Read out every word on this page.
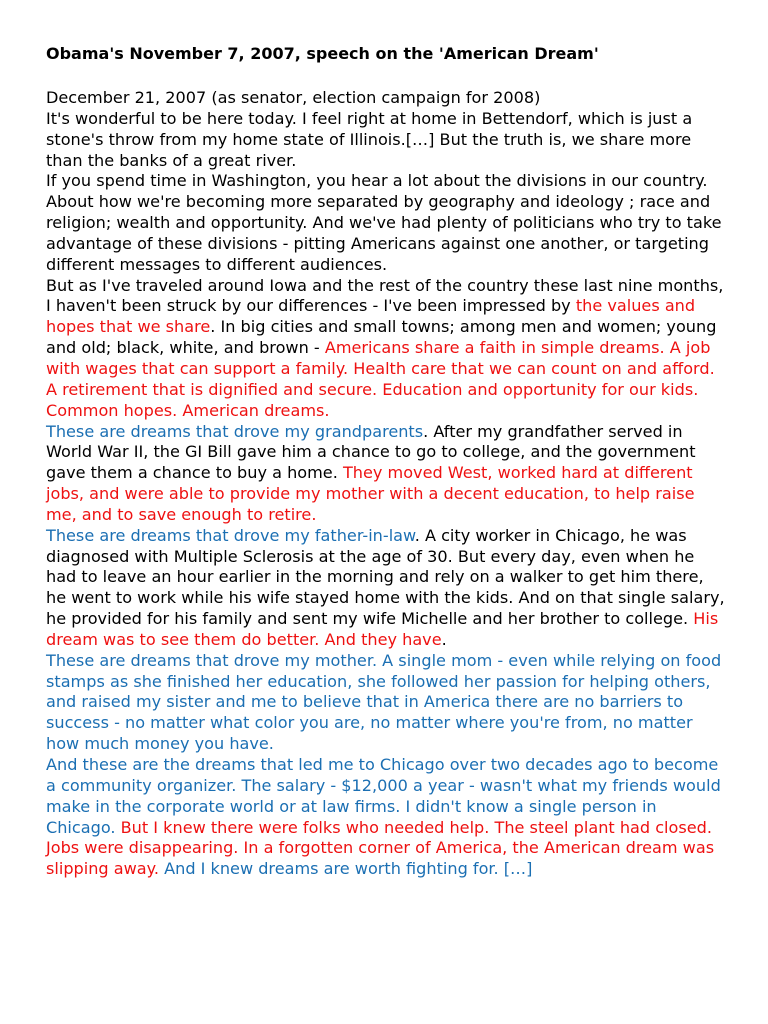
Obama's November 7, 2007, speech on the 'American Dream'

December 21, 2007 (as senator, election campaign for 2008)

It's wonderful to be here today. I feel right at home in Bettendorf, which is just a stone's throw from my home state of Illinois.[…] But the truth is, we share more than the banks of a great river.

If you spend time in Washington, you hear a lot about the divisions in our country. About how we're becoming more separated by geography and ideology ; race and religion; wealth and opportunity. And we've had plenty of politicians who try to take advantage of these divisions - pitting Americans against one another, or targeting different messages to different audiences.

But as I've traveled around Iowa and the rest of the country these last nine months, I haven't been struck by our differences - I've been impressed by the values and hopes that we share. In big cities and small towns; among men and women; young and old; black, white, and brown - Americans share a faith in simple dreams. A job with wages that can support a family. Health care that we can count on and afford. A retirement that is dignified and secure. Education and opportunity for our kids. Common hopes. American dreams.

These are dreams that drove my grandparents. After my grandfather served in World War II, the GI Bill gave him a chance to go to college, and the government gave them a chance to buy a home. They moved West, worked hard at different jobs, and were able to provide my mother with a decent education, to help raise me, and to save enough to retire.

These are dreams that drove my father-in-law. A city worker in Chicago, he was diagnosed with Multiple Sclerosis at the age of 30. But every day, even when he had to leave an hour earlier in the morning and rely on a walker to get him there, he went to work while his wife stayed home with the kids. And on that single salary, he provided for his family and sent my wife Michelle and her brother to college. His dream was to see them do better. And they have.

These are dreams that drove my mother. A single mom - even while relying on food stamps as she finished her education, she followed her passion for helping others, and raised my sister and me to believe that in America there are no barriers to success - no matter what color you are, no matter where you're from, no matter how much money you have.

And these are the dreams that led me to Chicago over two decades ago to become a community organizer. The salary - $12,000 a year - wasn't what my friends would make in the corporate world or at law firms. I didn't know a single person in Chicago. But I knew there were folks who needed help. The steel plant had closed. Jobs were disappearing. In a forgotten corner of America, the American dream was slipping away. And I knew dreams are worth fighting for. […]
